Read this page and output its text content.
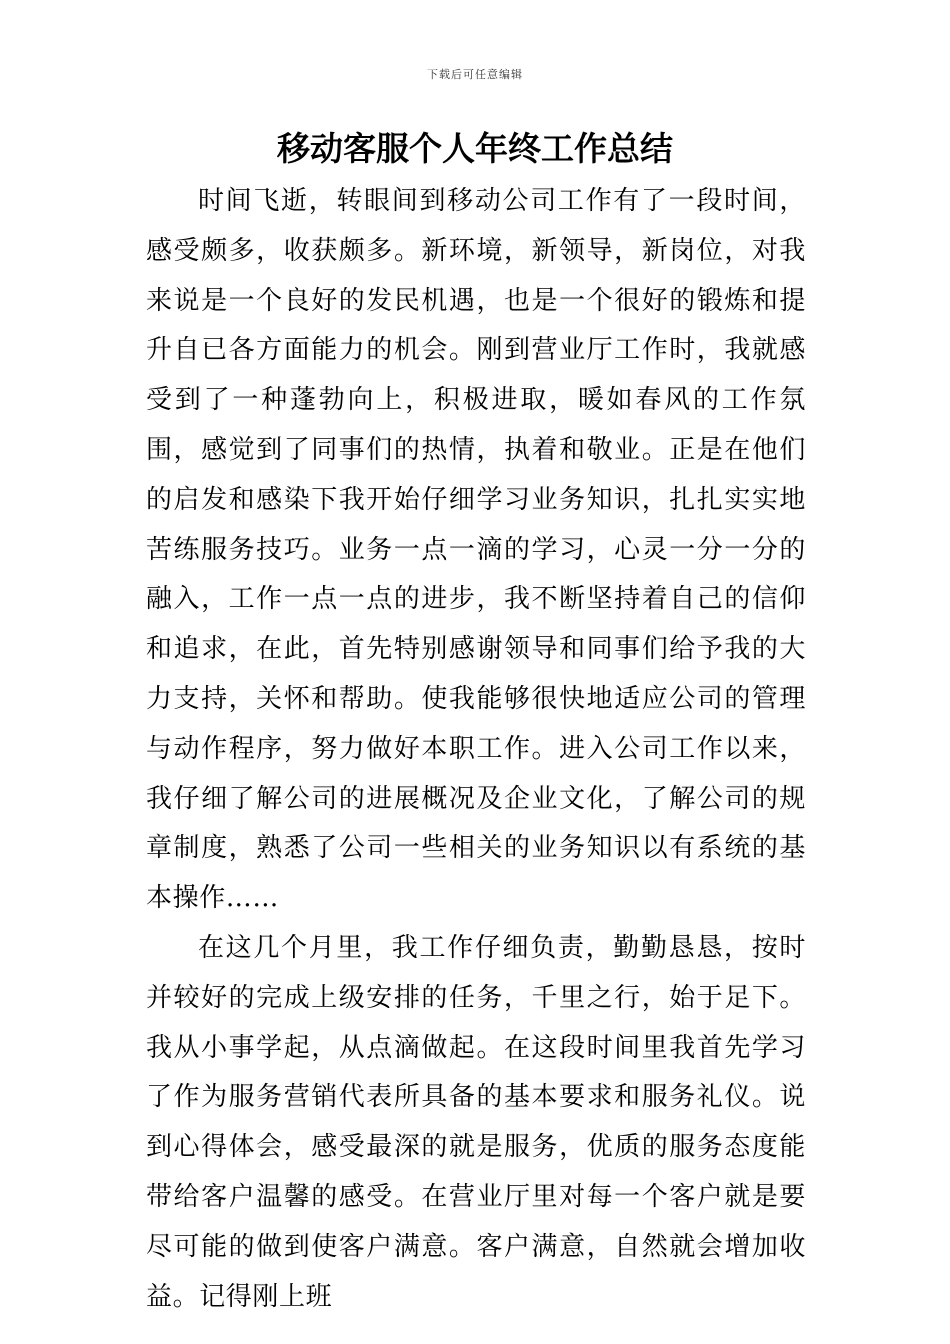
下载后可任意编辑
移动客服个人年终工作总结

时间飞逝，转眼间到移动公司工作有了一段时间，感受颇多，收获颇多。新环境，新领导，新岗位，对我来说是一个良好的发民机遇，也是一个很好的锻炼和提升自已各方面能力的机会。刚到营业厅工作时，我就感受到了一种蓬勃向上，积极进取，暖如春风的工作氛围，感觉到了同事们的热情，执着和敬业。正是在他们的启发和感染下我开始仔细学习业务知识，扎扎实实地苦练服务技巧。业务一点一滴的学习，心灵一分一分的融入，工作一点一点的进步，我不断坚持着自己的信仰和追求，在此，首先特别感谢领导和同事们给予我的大力支持，关怀和帮助。使我能够很快地适应公司的管理与动作程序，努力做好本职工作。进入公司工作以来，我仔细了解公司的进展概况及企业文化，了解公司的规章制度，熟悉了公司一些相关的业务知识以有系统的基本操作……

在这几个月里，我工作仔细负责，勤勤恳恳，按时并较好的完成上级安排的任务，千里之行，始于足下。我从小事学起，从点滴做起。在这段时间里我首先学习了作为服务营销代表所具备的基本要求和服务礼仪。说到心得体会，感受最深的就是服务，优质的服务态度能带给客户温馨的感受。在营业厅里对每一个客户就是要尽可能的做到使客户满意。客户满意，自然就会增加收益。记得刚上班
